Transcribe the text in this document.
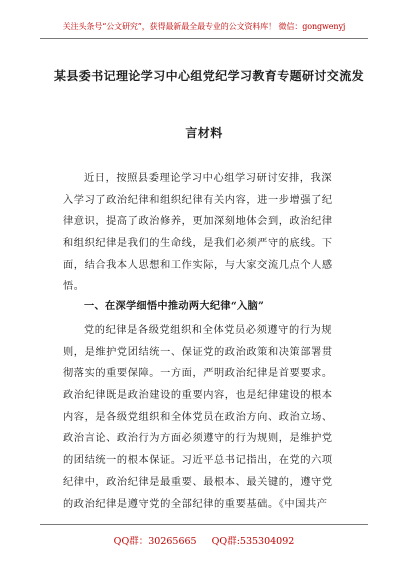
关注头条号“公文研究”，获得最新最全最专业的公文资料库！ 微信：gongwenyj
某县委书记理论学习中心组党纪学习教育专题研讨交流发
言材料
近日，按照县委理论学习中心组学习研讨安排，我深
入学习了政治纪律和组织纪律有关内容，进一步增强了纪
律意识，提高了政治修养，更加深刻地体会到，政治纪律
和组织纪律是我们的生命线，是我们必须严守的底线。下
面，结合我本人思想和工作实际，与大家交流几点个人感
悟。
一、在深学细悟中推动两大纪律“入脑”
党的纪律是各级党组织和全体党员必须遵守的行为规
则，是维护党团结统一、保证党的政治政策和决策部署贯
彻落实的重要保障。一方面，严明政治纪律是首要要求。
政治纪律既是政治建设的重要内容，也是纪律建设的根本
内容，是各级党组织和全体党员在政治方向、政治立场、
政治言论、政治行为方面必须遵守的行为规则，是维护党
的团结统一的根本保证。习近平总书记指出，在党的六项
纪律中，政治纪律是最重要、最根本、最关键的，遵守党
的政治纪律是遵守党的全部纪律的重要基础。《中国共产
QQ群：30265665 QQ群:535304092
